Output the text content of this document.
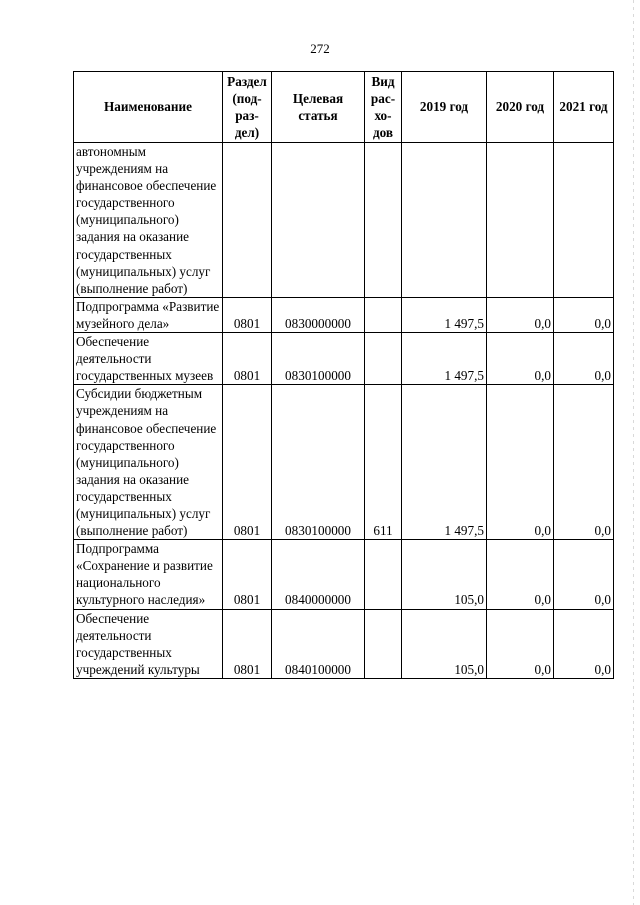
272
Наименование	Раздел (под-раз-дел)	Целевая статья	Вид рас-хо-дов	2019 год	2020 год	2021 год
автономным учреждениям на финансовое обеспечение государственного (муниципального) задания на оказание государственных (муниципальных) услуг (выполнение работ)						
Подпрограмма «Развитие музейного дела»	0801	0830000000		1 497,5	0,0	0,0
Обеспечение деятельности государственных музеев	0801	0830100000		1 497,5	0,0	0,0
Субсидии бюджетным учреждениям на финансовое обеспечение государственного (муниципального) задания на оказание государственных (муниципальных) услуг (выполнение работ)	0801	0830100000	611	1 497,5	0,0	0,0
Подпрограмма «Сохранение и развитие национального культурного наследия»	0801	0840000000		105,0	0,0	0,0
Обеспечение деятельности государственных учреждений культуры	0801	0840100000		105,0	0,0	0,0
